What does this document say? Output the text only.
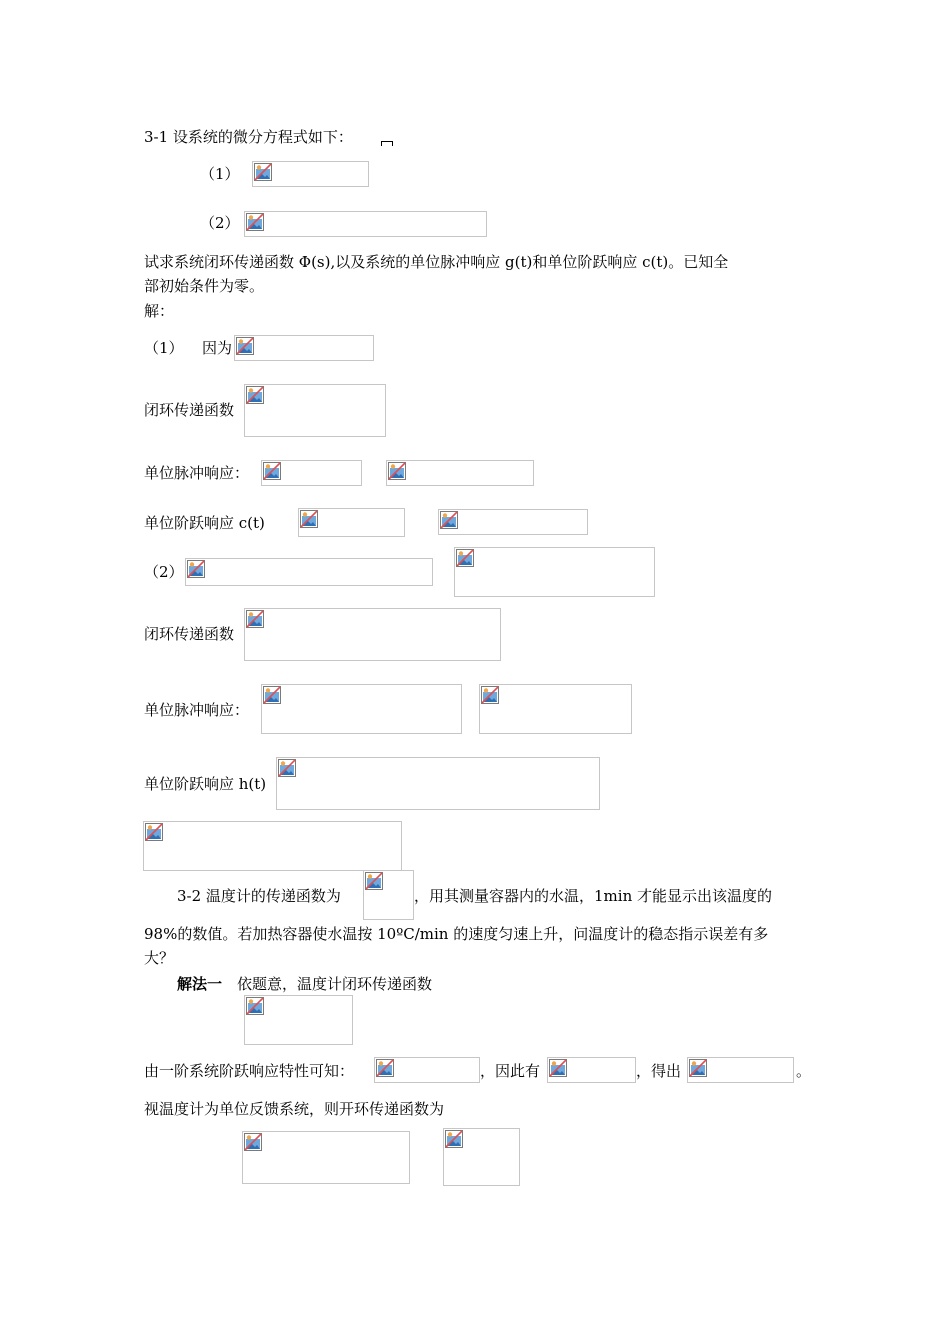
3-1 设系统的微分方程式如下：
（1）
（2）
试求系统闭环传递函数 Φ(s),以及系统的单位脉冲响应 g(t)和单位阶跃响应 c(t)。已知全
部初始条件为零。
解：
（1） 因为
闭环传递函数
单位脉冲响应：
单位阶跃响应 c(t)
（2）
闭环传递函数
单位脉冲响应：
单位阶跃响应 h(t)
3-2 温度计的传递函数为	，用其测量容器内的水温，1min 才能显示出该温度的
98%的数值。若加热容器使水温按 10ºC/min 的速度匀速上升，问温度计的稳态指示误差有多
大？
解法一 依题意，温度计闭环传递函数
由一阶系统阶跃响应特性可知：	，因此有	，得出	。
视温度计为单位反馈系统，则开环传递函数为
